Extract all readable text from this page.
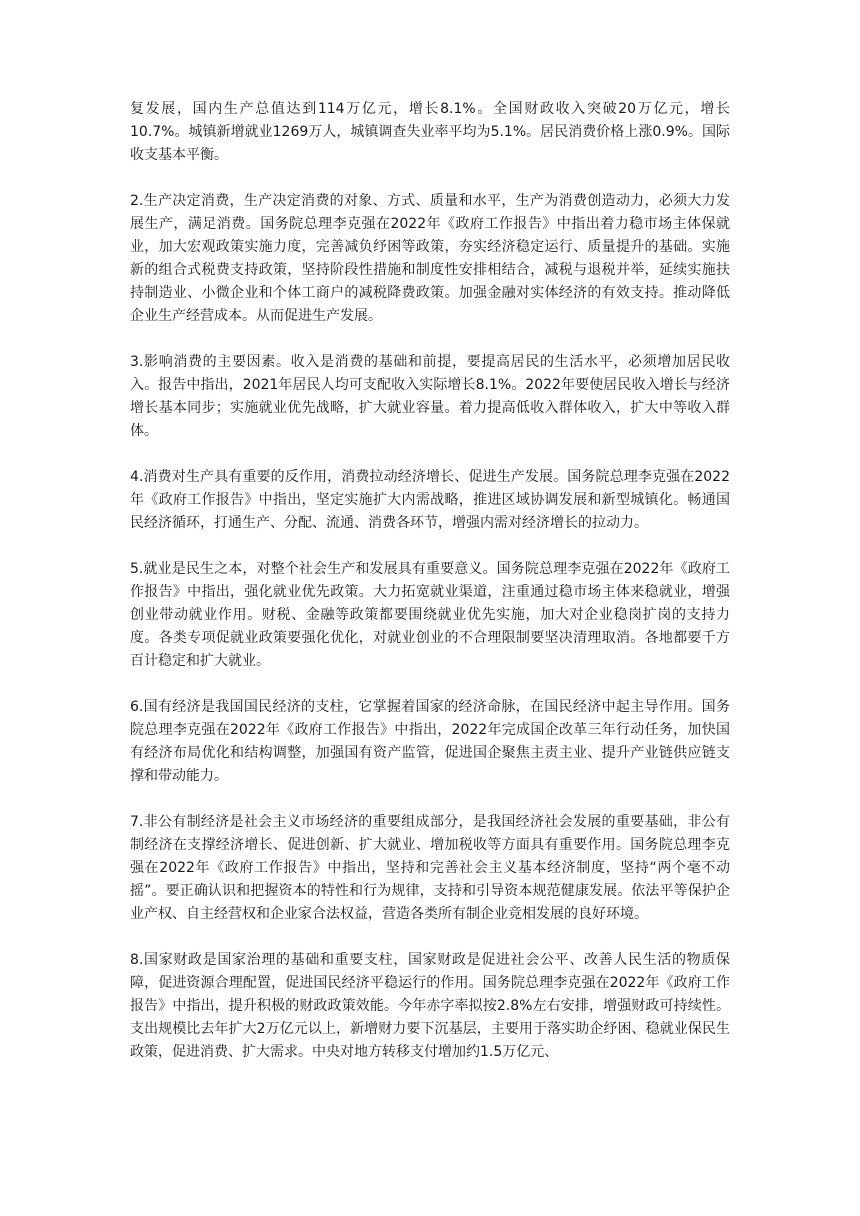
复发展，国内生产总值达到114万亿元，增长8.1%。全国财政收入突破20万亿元，增长10.7%。城镇新增就业1269万人，城镇调查失业率平均为5.1%。居民消费价格上涨0.9%。国际收支基本平衡。

2.生产决定消费，生产决定消费的对象、方式、质量和水平，生产为消费创造动力，必须大力发展生产，满足消费。国务院总理李克强在2022年《政府工作报告》中指出着力稳市场主体保就业，加大宏观政策实施力度，完善减负纾困等政策，夯实经济稳定运行、质量提升的基础。实施新的组合式税费支持政策，坚持阶段性措施和制度性安排相结合，减税与退税并举，延续实施扶持制造业、小微企业和个体工商户的减税降费政策。加强金融对实体经济的有效支持。推动降低企业生产经营成本。从而促进生产发展。

3.影响消费的主要因素。收入是消费的基础和前提，要提高居民的生活水平，必须增加居民收入。报告中指出，2021年居民人均可支配收入实际增长8.1%。2022年要使居民收入增长与经济增长基本同步；实施就业优先战略，扩大就业容量。着力提高低收入群体收入，扩大中等收入群体。

4.消费对生产具有重要的反作用，消费拉动经济增长、促进生产发展。国务院总理李克强在2022年《政府工作报告》中指出，坚定实施扩大内需战略，推进区域协调发展和新型城镇化。畅通国民经济循环，打通生产、分配、流通、消费各环节，增强内需对经济增长的拉动力。

5.就业是民生之本，对整个社会生产和发展具有重要意义。国务院总理李克强在2022年《政府工作报告》中指出，强化就业优先政策。大力拓宽就业渠道，注重通过稳市场主体来稳就业，增强创业带动就业作用。财税、金融等政策都要围绕就业优先实施，加大对企业稳岗扩岗的支持力度。各类专项促就业政策要强化优化，对就业创业的不合理限制要坚决清理取消。各地都要千方百计稳定和扩大就业。

6.国有经济是我国国民经济的支柱，它掌握着国家的经济命脉，在国民经济中起主导作用。国务院总理李克强在2022年《政府工作报告》中指出，2022年完成国企改革三年行动任务，加快国有经济布局优化和结构调整，加强国有资产监管，促进国企聚焦主责主业、提升产业链供应链支撑和带动能力。

7.非公有制经济是社会主义市场经济的重要组成部分，是我国经济社会发展的重要基础，非公有制经济在支撑经济增长、促进创新、扩大就业、增加税收等方面具有重要作用。国务院总理李克强在2022年《政府工作报告》中指出，坚持和完善社会主义基本经济制度，坚持“两个毫不动摇”。要正确认识和把握资本的特性和行为规律，支持和引导资本规范健康发展。依法平等保护企业产权、自主经营权和企业家合法权益，营造各类所有制企业竞相发展的良好环境。

8.国家财政是国家治理的基础和重要支柱，国家财政是促进社会公平、改善人民生活的物质保障，促进资源合理配置，促进国民经济平稳运行的作用。国务院总理李克强在2022年《政府工作报告》中指出，提升积极的财政政策效能。今年赤字率拟按2.8%左右安排，增强财政可持续性。支出规模比去年扩大2万亿元以上，新增财力要下沉基层，主要用于落实助企纾困、稳就业保民生政策，促进消费、扩大需求。中央对地方转移支付增加约1.5万亿元、
